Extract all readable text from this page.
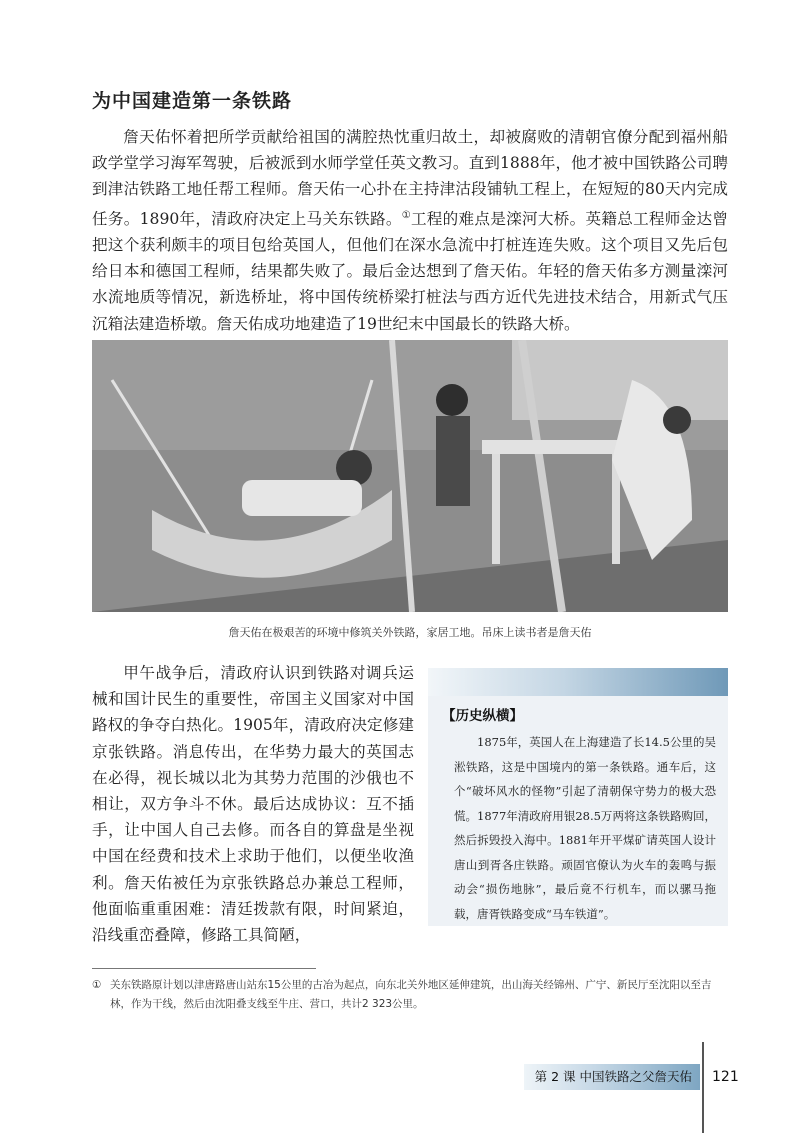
为中国建造第一条铁路

詹天佑怀着把所学贡献给祖国的满腔热忱重归故土，却被腐败的清朝官僚分配到福州船政学堂学习海军驾驶，后被派到水师学堂任英文教习。直到1888年，他才被中国铁路公司聘到津沽铁路工地任帮工程师。詹天佑一心扑在主持津沽段铺轨工程上，在短短的80天内完成任务。1890年，清政府决定上马关东铁路。①工程的难点是滦河大桥。英籍总工程师金达曾把这个获利颇丰的项目包给英国人，但他们在深水急流中打桩连连失败。这个项目又先后包给日本和德国工程师，结果都失败了。最后金达想到了詹天佑。年轻的詹天佑多方测量滦河水流地质等情况，新选桥址，将中国传统桥梁打桩法与西方近代先进技术结合，用新式气压沉箱法建造桥墩。詹天佑成功地建造了19世纪末中国最长的铁路大桥。

詹天佑在极艰苦的环境中修筑关外铁路，家居工地。吊床上读书者是詹天佑

甲午战争后，清政府认识到铁路对调兵运械和国计民生的重要性，帝国主义国家对中国路权的争夺白热化。1905年，清政府决定修建京张铁路。消息传出，在华势力最大的英国志在必得，视长城以北为其势力范围的沙俄也不相让，双方争斗不休。最后达成协议：互不插手，让中国人自己去修。而各自的算盘是坐视中国在经费和技术上求助于他们，以便坐收渔利。詹天佑被任为京张铁路总办兼总工程师，他面临重重困难：清廷拨款有限，时间紧迫，沿线重峦叠障，修路工具简陋，

【历史纵横】

1875年，英国人在上海建造了长14.5公里的吴淞铁路，这是中国境内的第一条铁路。通车后，这个“破坏风水的怪物”引起了清朝保守势力的极大恐慌。1877年清政府用银28.5万两将这条铁路购回，然后拆毁投入海中。1881年开平煤矿请英国人设计唐山到胥各庄铁路。顽固官僚认为火车的轰鸣与振动会“损伤地脉”，最后竟不行机车，而以骡马拖载，唐胥铁路变成“马车铁道”。

① 关东铁路原计划以津唐路唐山站东15公里的古冶为起点，向东北关外地区延伸建筑，出山海关经锦州、广宁、新民厅至沈阳以至吉林，作为干线，然后由沈阳叠支线至牛庄、营口，共计2 323公里。

第 2 课 中国铁路之父詹天佑	121
